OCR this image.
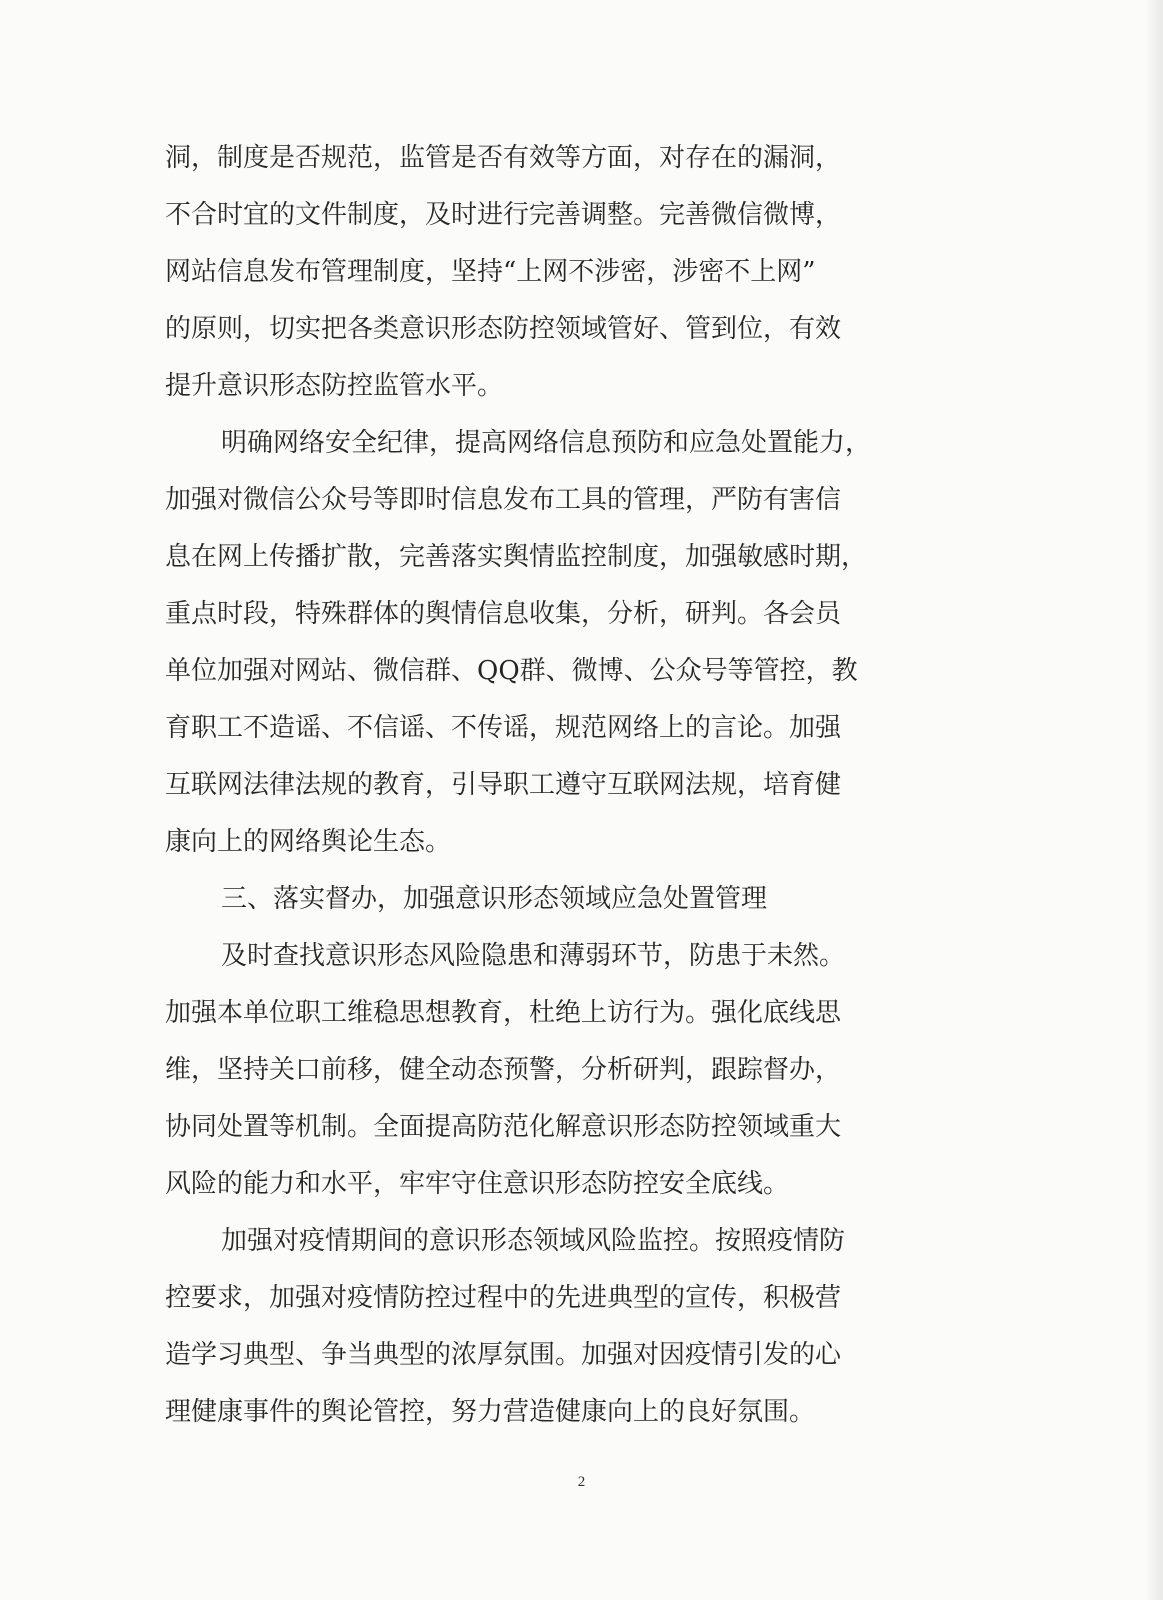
洞，制度是否规范，监管是否有效等方面，对存在的漏洞，
不合时宜的文件制度，及时进行完善调整。完善微信微博，
网站信息发布管理制度，坚持“上网不涉密，涉密不上网”
的原则，切实把各类意识形态防控领域管好、管到位，有效
提升意识形态防控监管水平。
明确网络安全纪律，提高网络信息预防和应急处置能力，
加强对微信公众号等即时信息发布工具的管理，严防有害信
息在网上传播扩散，完善落实舆情监控制度，加强敏感时期，
重点时段，特殊群体的舆情信息收集，分析，研判。各会员
单位加强对网站、微信群、QQ群、微博、公众号等管控，教
育职工不造谣、不信谣、不传谣，规范网络上的言论。加强
互联网法律法规的教育，引导职工遵守互联网法规，培育健
康向上的网络舆论生态。
三、落实督办，加强意识形态领域应急处置管理
及时查找意识形态风险隐患和薄弱环节，防患于未然。
加强本单位职工维稳思想教育，杜绝上访行为。强化底线思
维，坚持关口前移，健全动态预警，分析研判，跟踪督办，
协同处置等机制。全面提高防范化解意识形态防控领域重大
风险的能力和水平，牢牢守住意识形态防控安全底线。
加强对疫情期间的意识形态领域风险监控。按照疫情防
控要求，加强对疫情防控过程中的先进典型的宣传，积极营
造学习典型、争当典型的浓厚氛围。加强对因疫情引发的心
理健康事件的舆论管控，努力营造健康向上的良好氛围。
2
